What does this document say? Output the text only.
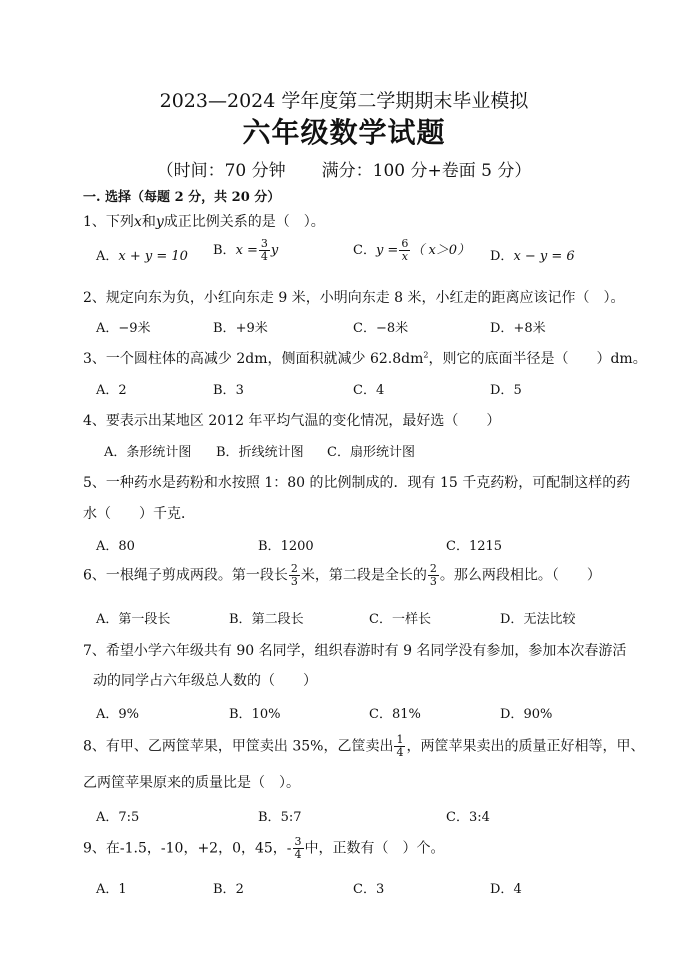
2023—2024 学年度第二学期期末毕业模拟
六年级数学试题
（时间：70 分钟 满分：100 分+卷面 5 分）
一. 选择（每题 2 分，共 20 分）
1、下列x和y成正比例关系的是（　）。
A．x + y = 10 B．$x = \frac{3}{4}$ y	C．$y = \frac{6}{x}$ （ x＞0） D．x − y = 6
2、规定向东为负，小红向东走 9 米，小明向东走 8 米，小红走的距离应该记作（　）。
A．−9米	B．+9米	C．−8米	D．+8米
3、一个圆柱体的高减少 2dm，侧面积就减少 $62.8dm^2$，则它的底面半径是（　　）dm。
A．2	B．3	C．4	D．5
4、要表示出某地区 2012 年平均气温的变化情况，最好选（　　）
A．条形统计图 B．折线统计图 C．扇形统计图
5、一种药水是药粉和水按照 1：80 的比例制成的．现有 15 千克药粉，可配制这样的药
水（　　）千克．
A．80	B．1200	C．1215
6、一根绳子剪成两段。第一段长 $\frac{2}{3}$ 米，第二段是全长的 $\frac{2}{3}$ 。那么两段相比。（　　）
A．第一段长	B．第二段长	C．一样长	D．无法比较
7、希望小学六年级共有 90 名同学，组织春游时有 9 名同学没有参加，参加本次春游活
动的同学占六年级总人数的（　　）
A．9%	B．10%	C．81%	D．90%
8、有甲、乙两筐苹果，甲筐卖出 35%，乙筐卖出 $\frac{1}{4}$ ，两筐苹果卖出的质量正好相等，甲、
乙两筐苹果原来的质量比是（　）。
A．7:5	B．5:7	C．3:4
9、在-1.5，-10，+2，0，45，- $\frac{3}{4}$ 中，正数有（　）个。
A．1	B．2	C．3	D．4
